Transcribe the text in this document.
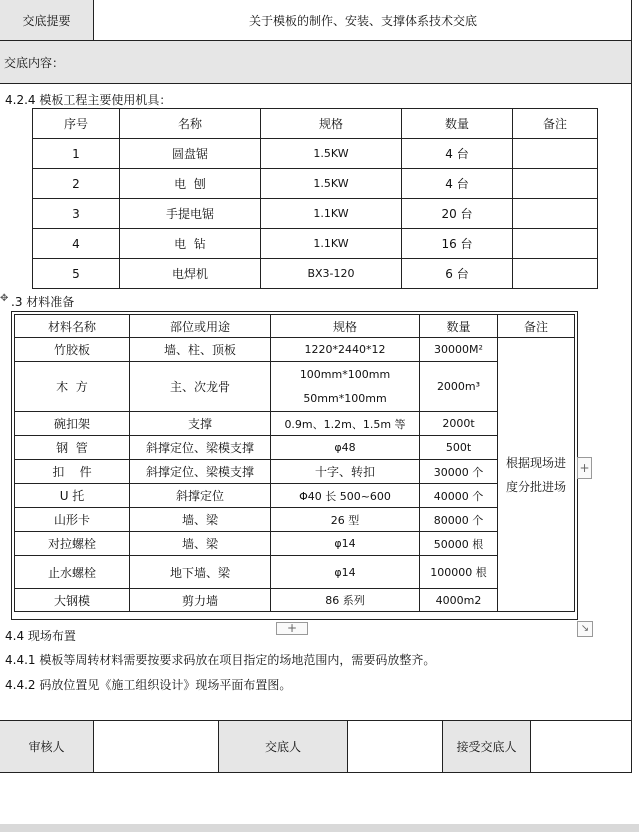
交底提要	关于模板的制作、安装、支撑体系技术交底
交底内容：
4.2.4 模板工程主要使用机具：
序号	名称	规格	数量	备注
1	圆盘锯	1.5KW	4 台	
2	电  刨	1.5KW	4 台	
3	手提电锯	1.1KW	20 台	
4	电  钻	1.1KW	16 台	
5	电焊机	BX3-120	6 台	
✥ .3 材料准备
材料名称	部位或用途	规格	数量	备注
竹胶板	墙、柱、顶板	1220*2440*12	30000M²	根据现场进度分批进场
木  方	主、次龙骨	100mm*100mm
50mm*100mm	2000m³	
碗扣架	支撑	0.9m、1.2m、1.5m 等	2000t	
钢  管	斜撑定位、梁模支撑	φ48	500t	
扣    件	斜撑定位、梁模支撑	十字、转扣	30000 个	
U 托	斜撑定位	Φ40 长 500~600	40000 个	
山形卡	墙、梁	26 型	80000 个	
对拉螺栓	墙、梁	φ14	50000 根	
止水螺栓	地下墙、梁	φ14	100000 根	
大钢模	剪力墙	86 系列	4000m2	
+
+	↘
4.4 现场布置
4.4.1 模板等周转材料需要按要求码放在项目指定的场地范围内，需要码放整齐。
4.4.2 码放位置见《施工组织设计》现场平面布置图。
审核人	交底人	接受交底人
